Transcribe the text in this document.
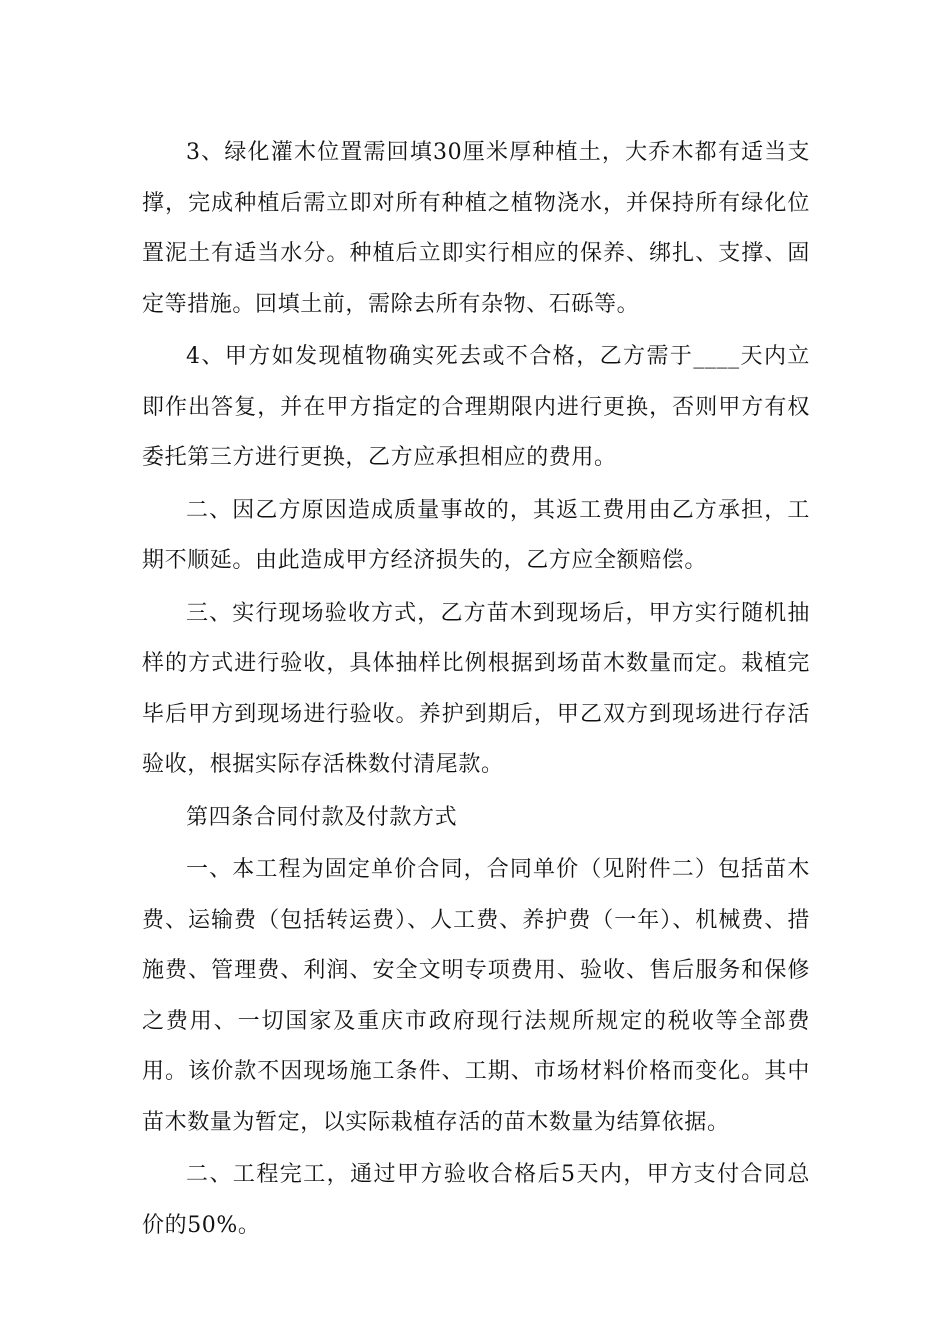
3、绿化灌木位置需回填30厘米厚种植土，大乔木都有适当支撑，完成种植后需立即对所有种植之植物浇水，并保持所有绿化位置泥土有适当水分。种植后立即实行相应的保养、绑扎、支撑、固定等措施。回填土前，需除去所有杂物、石砾等。

4、甲方如发现植物确实死去或不合格，乙方需于____天内立即作出答复，并在甲方指定的合理期限内进行更换，否则甲方有权委托第三方进行更换，乙方应承担相应的费用。

二、因乙方原因造成质量事故的，其返工费用由乙方承担，工期不顺延。由此造成甲方经济损失的，乙方应全额赔偿。

三、实行现场验收方式，乙方苗木到现场后，甲方实行随机抽样的方式进行验收，具体抽样比例根据到场苗木数量而定。栽植完毕后甲方到现场进行验收。养护到期后，甲乙双方到现场进行存活验收，根据实际存活株数付清尾款。

第四条合同付款及付款方式

一、本工程为固定单价合同，合同单价（见附件二）包括苗木费、运输费（包括转运费）、人工费、养护费（一年）、机械费、措施费、管理费、利润、安全文明专项费用、验收、售后服务和保修之费用、一切国家及重庆市政府现行法规所规定的税收等全部费用。该价款不因现场施工条件、工期、市场材料价格而变化。其中苗木数量为暂定，以实际栽植存活的苗木数量为结算依据。

二、工程完工，通过甲方验收合格后5天内，甲方支付合同总价的50%。
